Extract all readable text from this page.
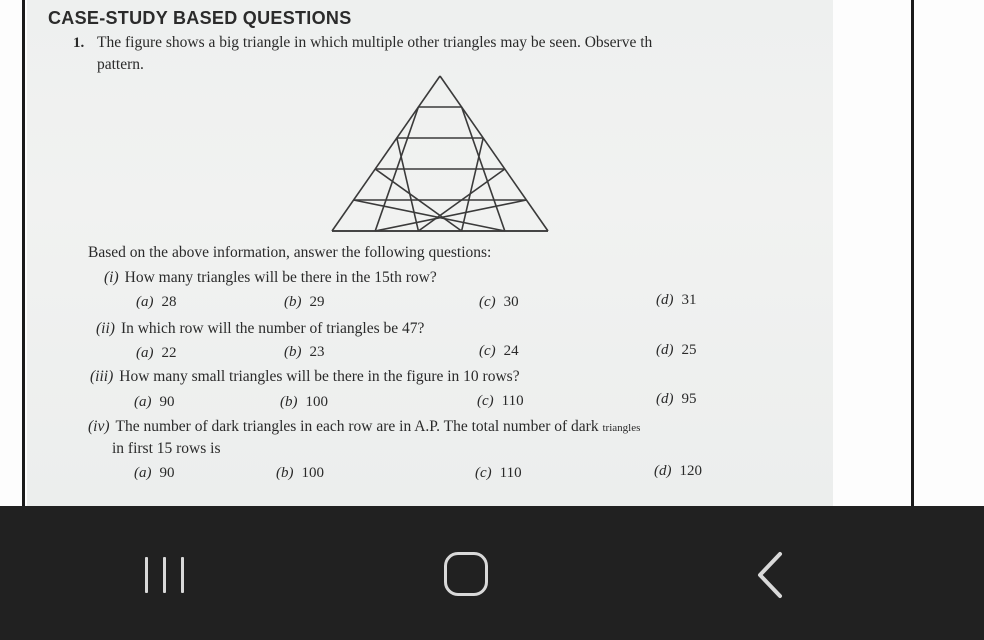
CASE-STUDY BASED QUESTIONS
1. The figure shows a big triangle in which multiple other triangles may be seen. Observe th
pattern.
Based on the above information, answer the following questions:
(i) How many triangles will be there in the 15th row?
(a) 28	(b) 29	(c) 30	(d) 31
(ii) In which row will the number of triangles be 47?
(a) 22	(b) 23	(c) 24	(d) 25
(iii) How many small triangles will be there in the figure in 10 rows?
(a) 90	(b) 100	(c) 110	(d) 95
(iv) The number of dark triangles in each row are in A.P. The total number of dark triangles
in first 15 rows is
(a) 90	(b) 100	(c) 110	(d) 120
